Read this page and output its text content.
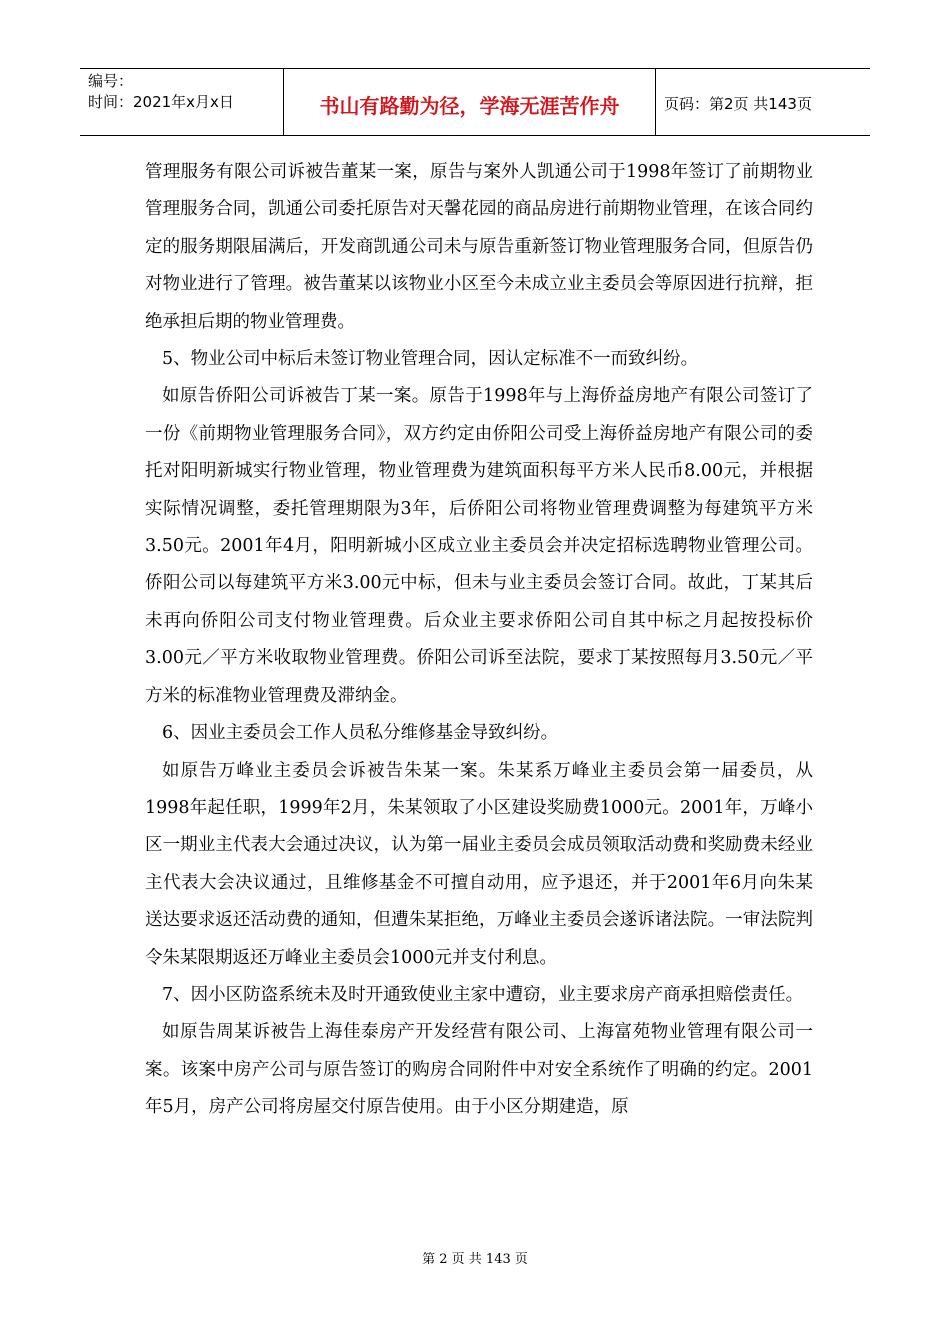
编号：
时间：2021年x月x日	书山有路勤为径，学海无涯苦作舟	页码：第2页 共143页

管理服务有限公司诉被告董某一案，原告与案外人凯通公司于1998年签订了前期物业管理服务合同，凯通公司委托原告对天馨花园的商品房进行前期物业管理，在该合同约定的服务期限届满后，开发商凯通公司未与原告重新签订物业管理服务合同，但原告仍对物业进行了管理。被告董某以该物业小区至今未成立业主委员会等原因进行抗辩，拒绝承担后期的物业管理费。

5、物业公司中标后未签订物业管理合同，因认定标准不一而致纠纷。

如原告侨阳公司诉被告丁某一案。原告于1998年与上海侨益房地产有限公司签订了一份《前期物业管理服务合同》，双方约定由侨阳公司受上海侨益房地产有限公司的委托对阳明新城实行物业管理，物业管理费为建筑面积每平方米人民币8.00元，并根据实际情况调整，委托管理期限为3年，后侨阳公司将物业管理费调整为每建筑平方米3.50元。2001年4月，阳明新城小区成立业主委员会并决定招标选聘物业管理公司。侨阳公司以每建筑平方米3.00元中标，但未与业主委员会签订合同。故此，丁某其后未再向侨阳公司支付物业管理费。后众业主要求侨阳公司自其中标之月起按投标价3.00元／平方米收取物业管理费。侨阳公司诉至法院，要求丁某按照每月3.50元／平方米的标准物业管理费及滞纳金。

6、因业主委员会工作人员私分维修基金导致纠纷。

如原告万峰业主委员会诉被告朱某一案。朱某系万峰业主委员会第一届委员，从1998年起任职，1999年2月，朱某领取了小区建设奖励费1000元。2001年，万峰小区一期业主代表大会通过决议，认为第一届业主委员会成员领取活动费和奖励费未经业主代表大会决议通过，且维修基金不可擅自动用，应予退还，并于2001年6月向朱某送达要求返还活动费的通知，但遭朱某拒绝，万峰业主委员会遂诉诸法院。一审法院判令朱某限期返还万峰业主委员会1000元并支付利息。

7、因小区防盗系统未及时开通致使业主家中遭窃，业主要求房产商承担赔偿责任。

如原告周某诉被告上海佳泰房产开发经营有限公司、上海富苑物业管理有限公司一案。该案中房产公司与原告签订的购房合同附件中对安全系统作了明确的约定。2001年5月，房产公司将房屋交付原告使用。由于小区分期建造，原

第 2 页 共 143 页
